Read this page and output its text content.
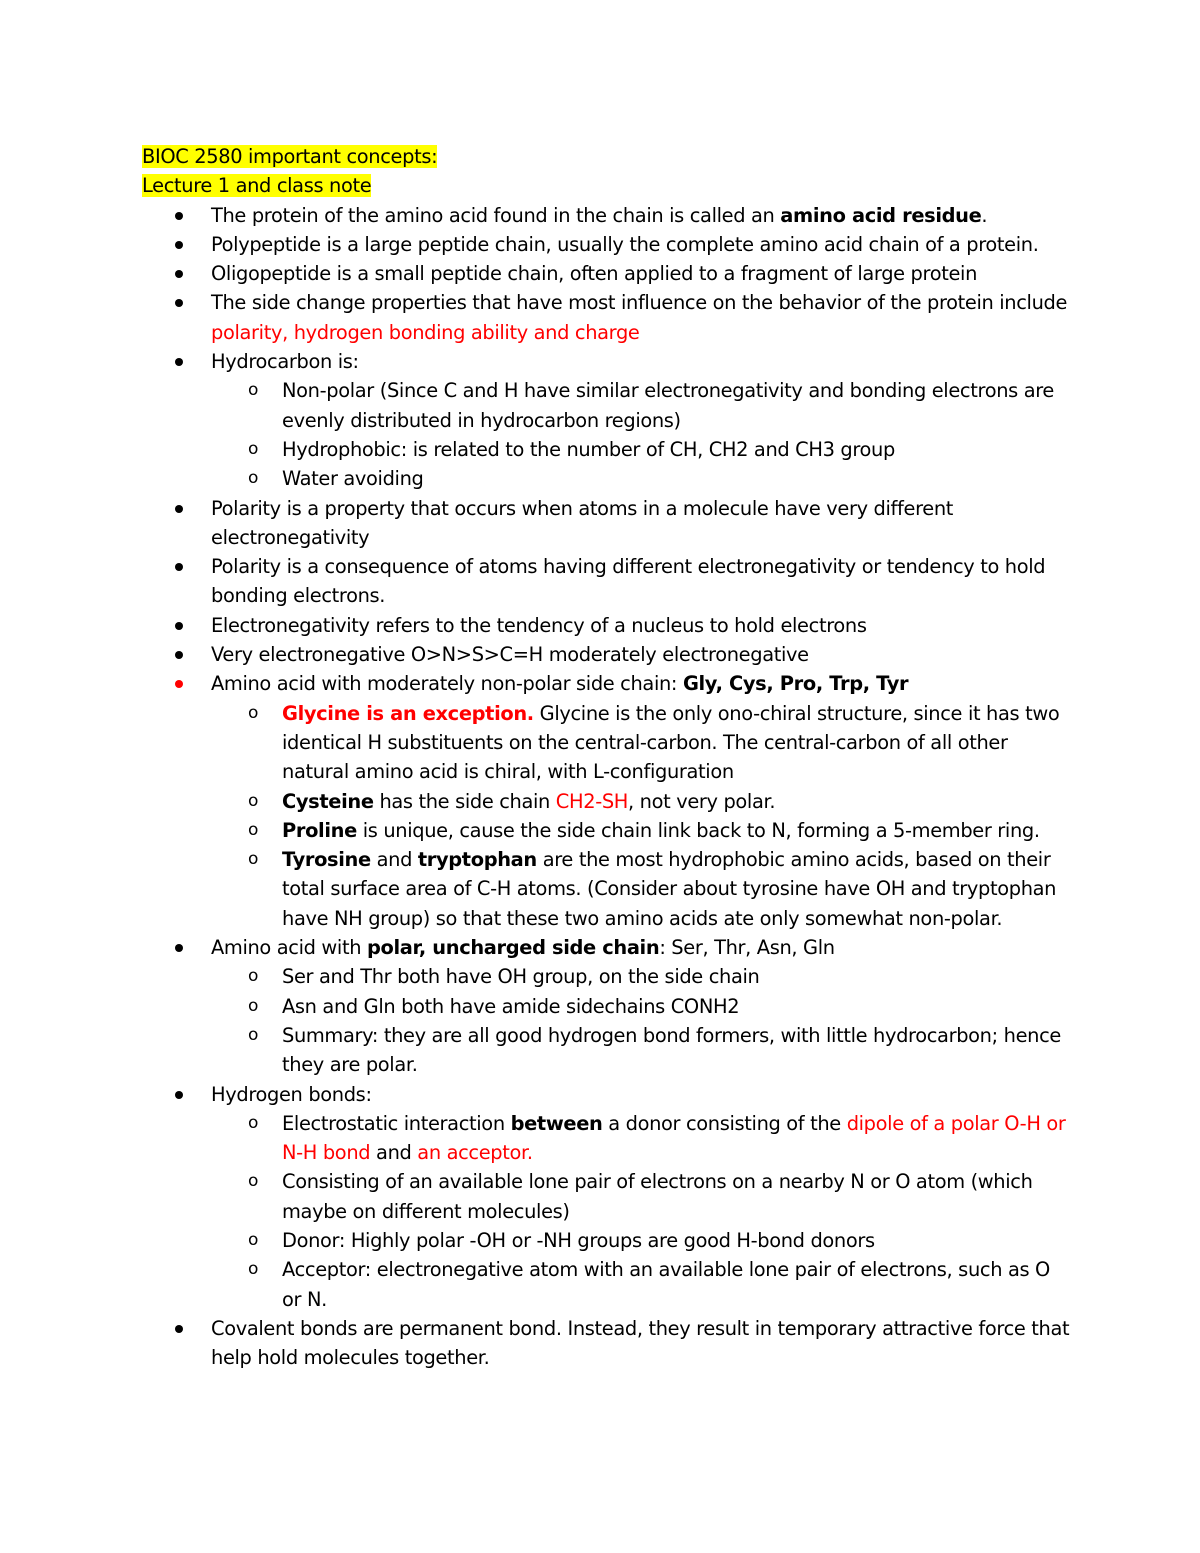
BIOC 2580 important concepts:

Lecture 1 and class note

The protein of the amino acid found in the chain is called an amino acid residue.
Polypeptide is a large peptide chain, usually the complete amino acid chain of a protein.
Oligopeptide is a small peptide chain, often applied to a fragment of large protein
The side change properties that have most influence on the behavior of the protein include polarity, hydrogen bonding ability and charge
Hydrocarbon is:
o Non-polar (Since C and H have similar electronegativity and bonding electrons are evenly distributed in hydrocarbon regions)
o Hydrophobic: is related to the number of CH, CH2 and CH3 group
o Water avoiding
Polarity is a property that occurs when atoms in a molecule have very different electronegativity
Polarity is a consequence of atoms having different electronegativity or tendency to hold bonding electrons.
Electronegativity refers to the tendency of a nucleus to hold electrons
Very electronegative O>N>S>C=H moderately electronegative
Amino acid with moderately non-polar side chain: Gly, Cys, Pro, Trp, Tyr
o Glycine is an exception. Glycine is the only ono-chiral structure, since it has two identical H substituents on the central-carbon. The central-carbon of all other natural amino acid is chiral, with L-configuration
o Cysteine has the side chain CH2-SH, not very polar.
o Proline is unique, cause the side chain link back to N, forming a 5-member ring.
o Tyrosine and tryptophan are the most hydrophobic amino acids, based on their total surface area of C-H atoms. (Consider about tyrosine have OH and tryptophan have NH group) so that these two amino acids ate only somewhat non-polar.
Amino acid with polar, uncharged side chain: Ser, Thr, Asn, Gln
o Ser and Thr both have OH group, on the side chain
o Asn and Gln both have amide sidechains CONH2
o Summary: they are all good hydrogen bond formers, with little hydrocarbon; hence they are polar.
Hydrogen bonds:
o Electrostatic interaction between a donor consisting of the dipole of a polar O-H or N-H bond and an acceptor.
o Consisting of an available lone pair of electrons on a nearby N or O atom (which maybe on different molecules)
o Donor: Highly polar -OH or -NH groups are good H-bond donors
o Acceptor: electronegative atom with an available lone pair of electrons, such as O or N.
Covalent bonds are permanent bond. Instead, they result in temporary attractive force that help hold molecules together.
